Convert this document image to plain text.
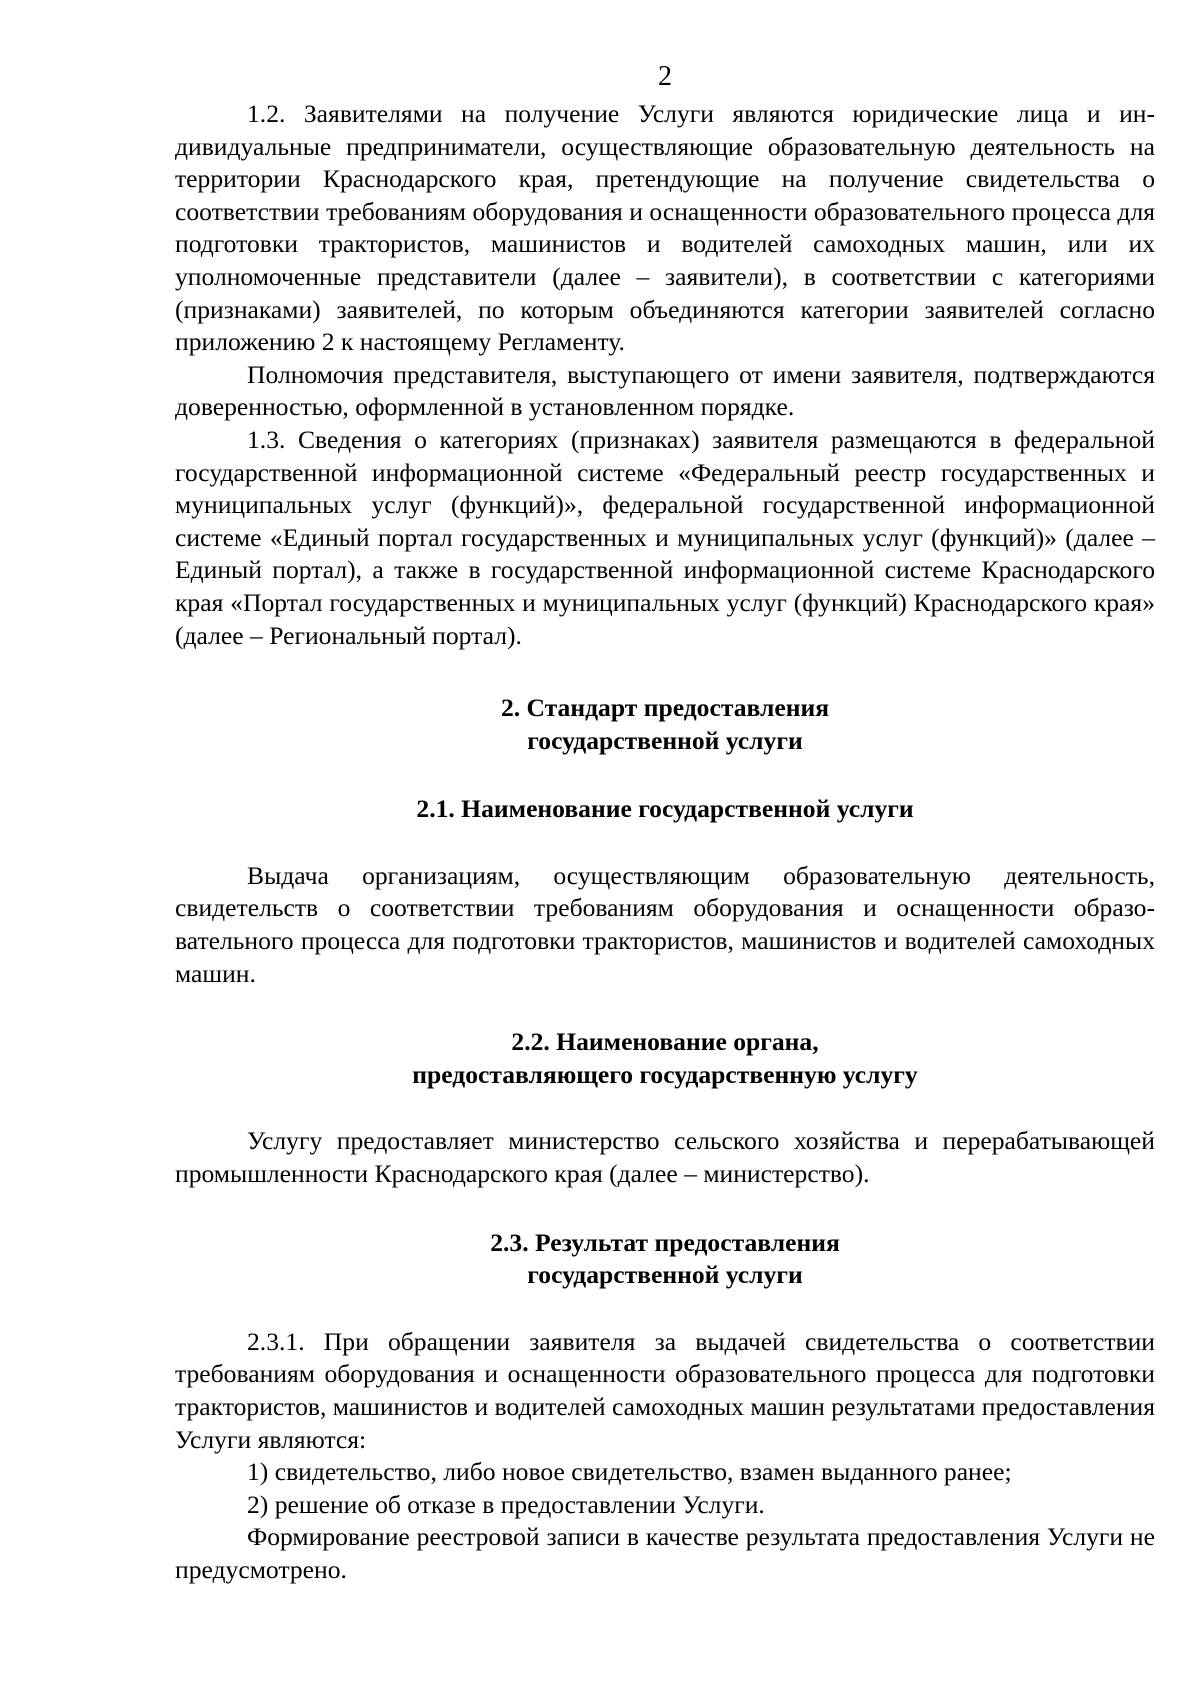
2

1.2. Заявителями на получение Услуги являются юридические лица и индивидуальные предприниматели, осуществляющие образовательную деятельность на территории Краснодарского края, претендующие на получение свидетельства о соответствии требованиям оборудования и оснащенности образовательного процесса для подготовки трактористов, машинистов и водителей самоходных машин, или их уполномоченные представители (далее – заявители), в соответствии с категориями (признаками) заявителей, по которым объединяются категории заявителей согласно приложению 2 к настоящему Регламенту.

Полномочия представителя, выступающего от имени заявителя, подтверждаются доверенностью, оформленной в установленном порядке.

1.3. Сведения о категориях (признаках) заявителя размещаются в федеральной государственной информационной системе «Федеральный реестр государственных и муниципальных услуг (функций)», федеральной государственной информационной системе «Единый портал государственных и муниципальных услуг (функций)» (далее – Единый портал), а также в государственной информационной системе Краснодарского края «Портал государственных и муниципальных услуг (функций) Краснодарского края» (далее – Региональный портал).

2. Стандарт предоставления
государственной услуги
2.1. Наименование государственной услуги

Выдача организациям, осуществляющим образовательную деятельность, свидетельств о соответствии требованиям оборудования и оснащенности образовательного процесса для подготовки трактористов, машинистов и водителей самоходных машин.

2.2. Наименование органа,
предоставляющего государственную услугу

Услугу предоставляет министерство сельского хозяйства и перерабатывающей промышленности Краснодарского края (далее – министерство).

2.3. Результат предоставления
государственной услуги

2.3.1. При обращении заявителя за выдачей свидетельства о соответствии требованиям оборудования и оснащенности образовательного процесса для подготовки трактористов, машинистов и водителей самоходных машин результатами предоставления Услуги являются:

1) свидетельство, либо новое свидетельство, взамен выданного ранее;

2) решение об отказе в предоставлении Услуги.

Формирование реестровой записи в качестве результата предоставления Услуги не предусмотрено.
